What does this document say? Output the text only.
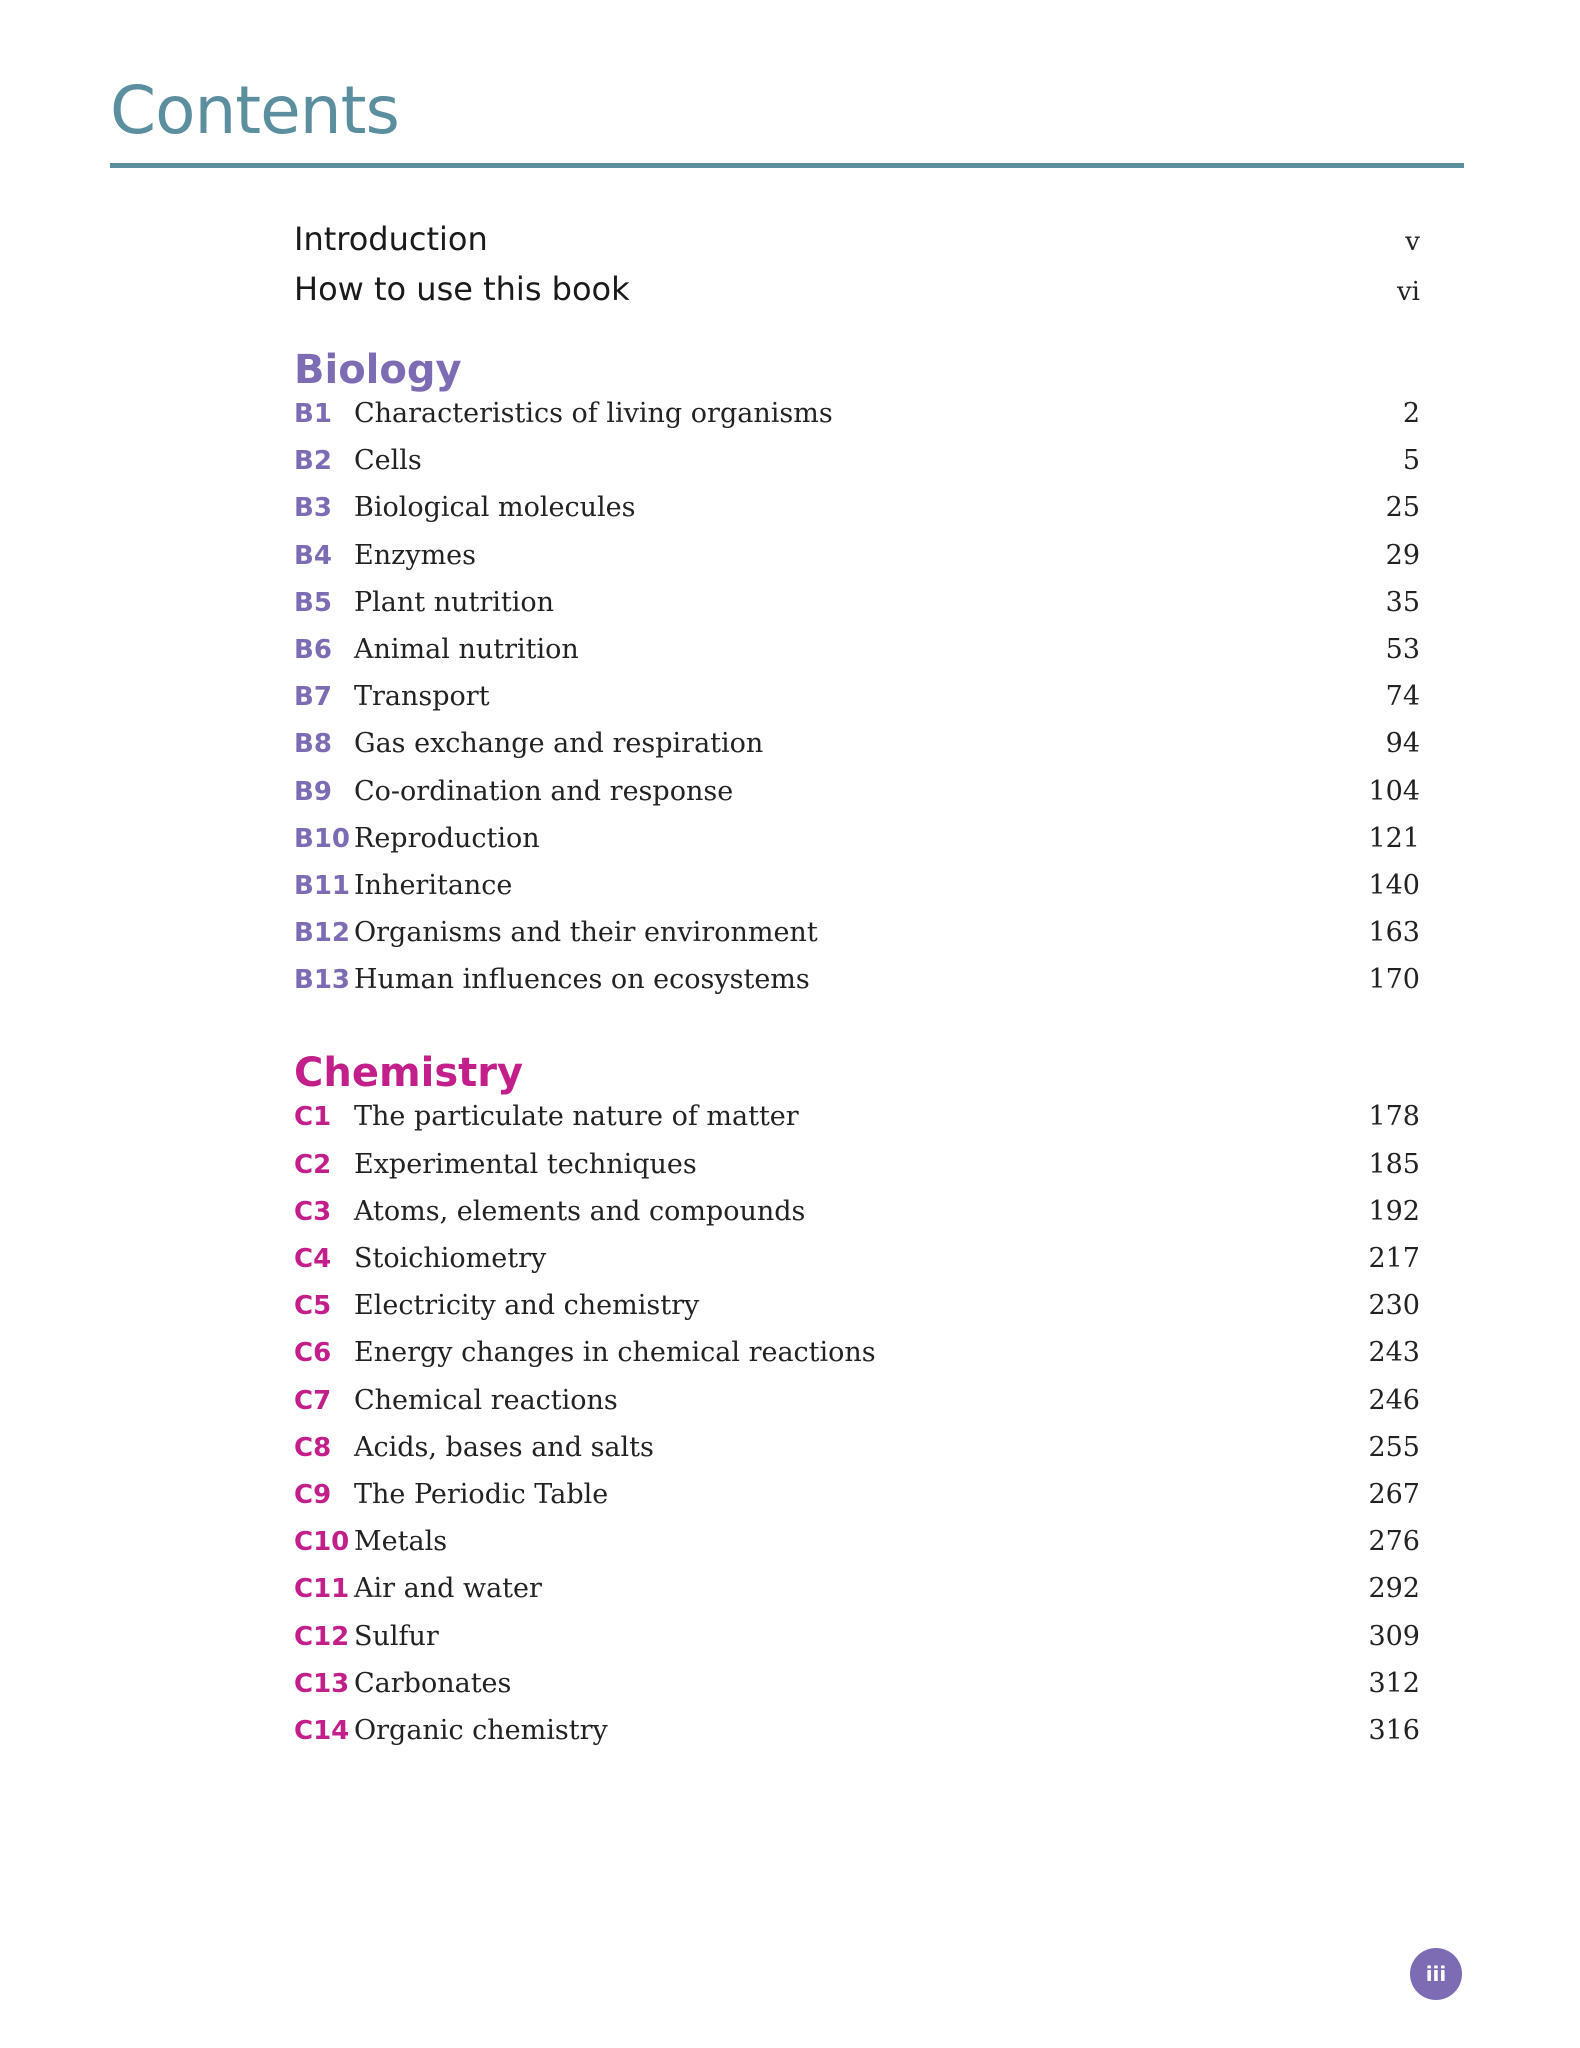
Contents
Introduction	v
How to use this book	vi
Biology
B1 Characteristics of living organisms	2
B2 Cells	5
B3 Biological molecules	25
B4 Enzymes	29
B5 Plant nutrition	35
B6 Animal nutrition	53
B7 Transport	74
B8 Gas exchange and respiration	94
B9 Co-ordination and response	104
B10 Reproduction	121
B11 Inheritance	140
B12 Organisms and their environment	163
B13 Human influences on ecosystems	170
Chemistry
C1 The particulate nature of matter	178
C2 Experimental techniques	185
C3 Atoms, elements and compounds	192
C4 Stoichiometry	217
C5 Electricity and chemistry	230
C6 Energy changes in chemical reactions	243
C7 Chemical reactions	246
C8 Acids, bases and salts	255
C9 The Periodic Table	267
C10 Metals	276
C11 Air and water	292
C12 Sulfur	309
C13 Carbonates	312
C14 Organic chemistry	316
iii
